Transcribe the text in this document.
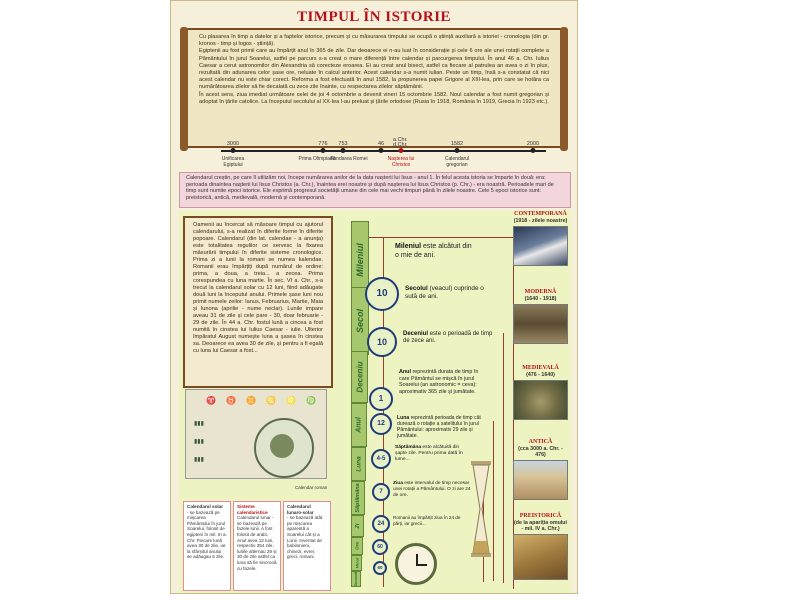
TIMPUL ÎN ISTORIE
Cu plasarea în timp a datelor și a faptelor istorice, precum și cu măsurarea timpului se ocupă o știință auxiliară a istoriei - cronologia (din gr. kronos - timp și logos - știință).
Egiptenii au fost primii care au împărțit anul în 365 de zile. Dar deoarece ei n-au luat în considerație și cele 6 ore ale unei rotații complete a Pământului în jurul Soarelui, astfel pe parcurs s-a creat o mare diferență între calendar și parcurgerea timpului. În anul 46 a. Chr. Iulius Caesar a cerut astronomilor din Alexandria să corecteze eroarea. Ei au creat anul bisect, astfel ca fiecare al patrulea an avea o zi în plus, rezultată din adunarea celor șase ore, neluate în calcul anterior. Acest calendar s-a numit iulian. Peste un timp, însă s-a constatat că nici acest calendar nu este chiar corect. Reforma a fost efectuată în anul 1582, la propunerea papei Grigore al XIII-lea, prin care se hotăra ca numărătoarea zilelor să fie decalată cu zece zile înainte, cu respectarea zilelor săptămânii.
În acest sens, ziua imediat următoare celei de joi 4 octombrie a devenit vineri 15 octombrie 1582. Noul calendar a fost numit gregorian și adoptat în țările catolice. La începutul secolului al XX-lea l-au preluat și țările ortodoxe (Rusia în 1918, România în 1919, Grecia în 1923 etc.).
3000
Unificarea Egiptului
776
Prima Olimpiadă
753
Fondarea Romei
46
a.Chr. d.Chr.
Nașterea lui Christos
1582
Calendarul gregorian
2000
Calendarul creștin, pe care îl utilizăm noi, începe numărarea anilor de la data nașterii lui Iisus - anul 1. În felul acesta istoria se împarte în două: era: perioada dinaintea nașterii lui Iisus Christos (a. Chr.), înaintea erei noastre și după nașterea lui Iisus Christos (p. Chr.) - era noastră. Perioadele mari de timp sunt numite epoci istorice. Ele exprimă progresul societății umane din cele mai vechi timpuri până în zilele noastre. Cele 5 epoci istorice sunt: preistorică, antică, medievală, modernă și contemporană.
Oamenii au încercat să măsoare timpul cu ajutorul calendarului, s-a realizat în diferite forme în diferite popoare. Calendarul (din lat. calendae - a anunța) este totalitatea regulilor ce servesc la fixarea măsurării timpului în diferite sisteme cronologice. Prima zi a lunii la romani se numea kalendae. Romanii erau împărțiți după numărul de ordine: prima, a doua, a treia... a zecea. Prima corespundea cu luna martie. În sec. VI a. Chr., s-a trecut la calendarul solar cu 12 luni, fiind adăugate două luni la începutul anului. Primele șase luni nou primit numele zeilor: Ianus, Februarius, Martie, Maia și Iunona (aprilie - nume neclar). Lunile impare aveau 31 de zile și cele pare - 30, doar februarie - 29 de zile. În 44 a. Chr. fostul lună a cincea a fost numită în cinstea lui Iulius Caesar - iulie. Ulterior împăratul August numește luna a șasea în cinstea sa. Deoarece ea avea 30 de zile, și pentru a fi egală cu luna lui Caesar a fost...
♈ ♉ ♊ ♋ ♌ ♍
▮▮▮
▮▮▮
▮▮▮
Calendar roman
Calendarul solar
- se bazează pe mișcarea Pământului în jurul Soarelui, folosit de egipteni în mil. III a. Chr. Fiecare lună avea 30 de zile, iar la sfârșitul anului se adăugau 5 zile.
Sisteme calendaristice
Calendarul lunar - se bazează pe fazele lunii. A fost folosit de arabi. Anul avea 12 luni, respectiv 354 zile, lunile alternau 29 și 30 de zile astfel ca luna să fie sincronă cu fazele.
Calendarul lunaro-solar
- se bazează atât pe mișcarea aparentă a Soarelui cât și a Lunii. Inventat de babilonieni, chinezi, evrei, greci, romani.
Mileniul	Mileniul este alcătuit din o mie de ani.
Secol
10	Secolul (veacul) cuprinde o sută de ani.
Deceniu
10
Deceniul este o perioadă de timp de zece ani.
Anul
1
Anul reprezintă durata de timp în care Pământul se mișcă în jurul Soarelui (an astronomic = ceva): aproximativ 365 zile și jumătate.
Luna
12
Luna reprezintă perioada de timp cât durează o rotație a satelitului în jurul Pământului: aproximativ 29 zile și jumătate.
Săptămâna
4-5
Săptămâna este alcătuită din șapte zile. Pentru prima dată în lume...
Zi
7
Ziua este intervalul de timp necesar unei rotații a Pământului. O zi are 24 de ore.
Ora
24
Romanii au împărțit ziua în 24 de părți, iar grecii...
Minut
60
Secundă
60
CONTEMPORANĂ
(1918 - zilele noastre)
MODERNĂ
(1640 - 1918)
MEDIEVALĂ
(476 - 1640)
ANTICĂ
(cca 3000 a. Chr. - 476)
PREISTORICĂ
(de la apariția omului - mil. IV a. Chr.)
